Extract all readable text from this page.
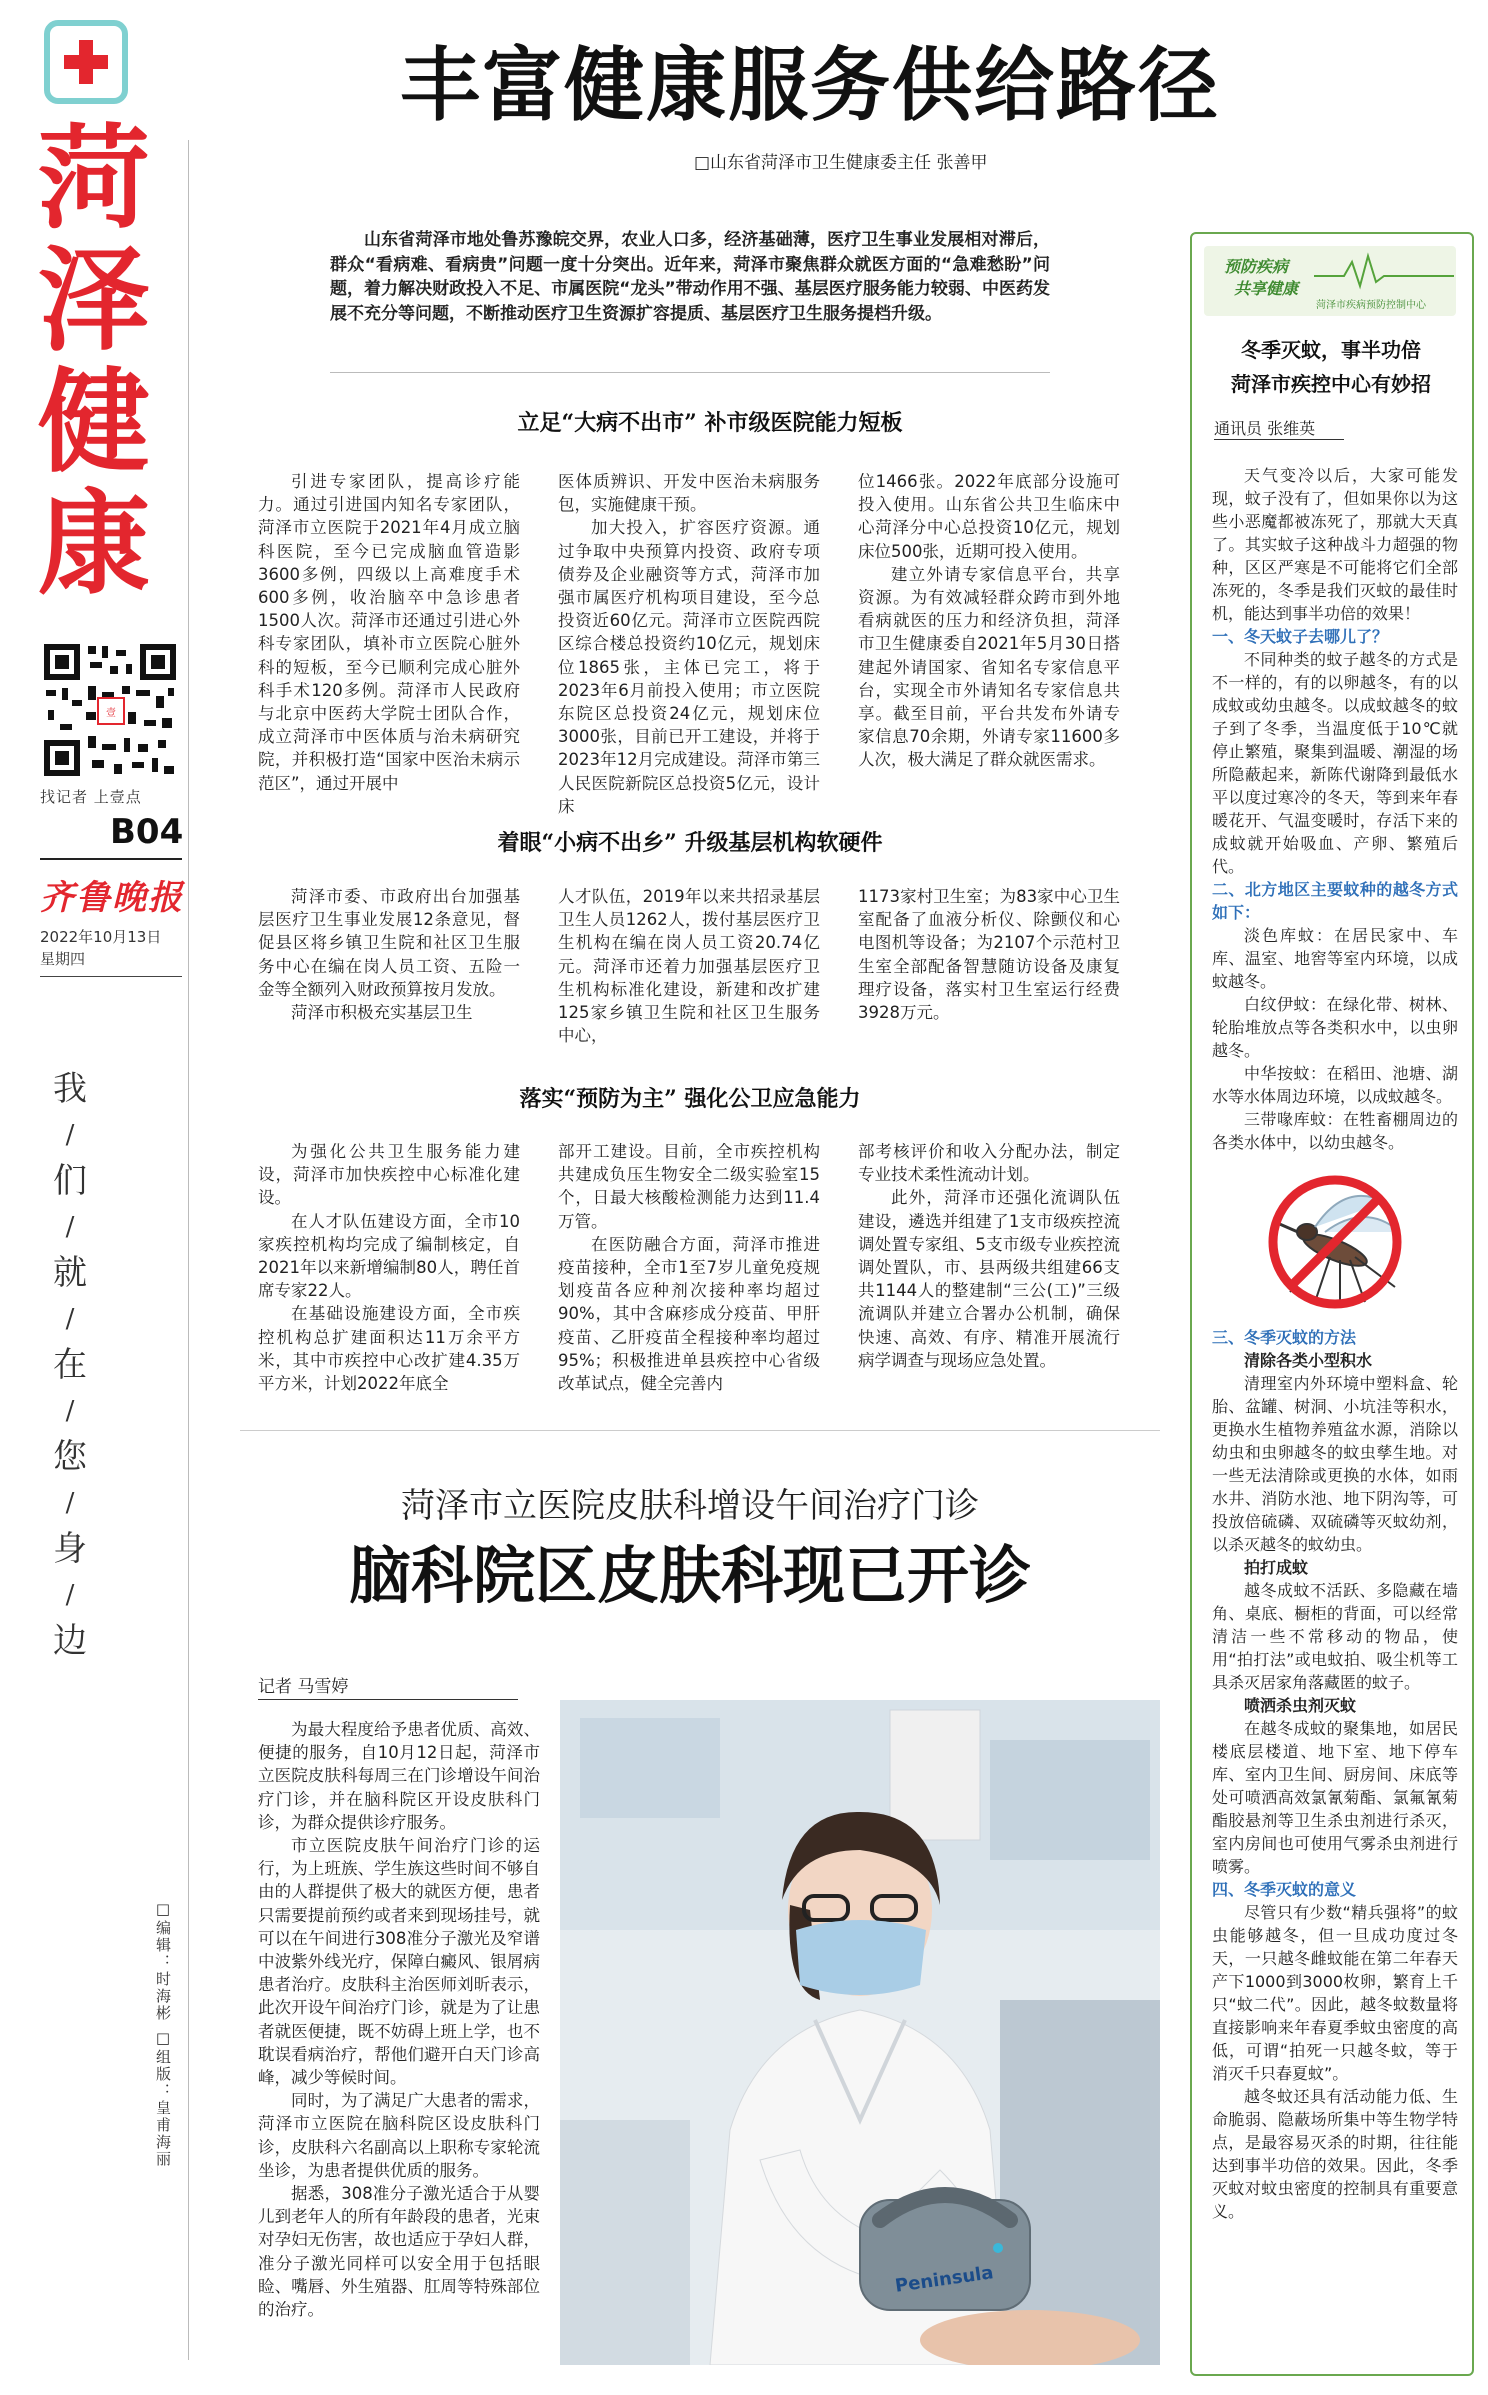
菏
泽
健
康
壹
找记者 上壹点
B04
齐鲁晚报
2022年10月13日
星期四
我
/
们
/
就
/
在
/
您
/
身
/
边
□编辑：时海彬 □组版：皇甫海丽
丰富健康服务供给路径
□山东省菏泽市卫生健康委主任 张善甲

山东省菏泽市地处鲁苏豫皖交界，农业人口多，经济基础薄，医疗卫生事业发展相对滞后，群众“看病难、看病贵”问题一度十分突出。近年来，菏泽市聚焦群众就医方面的“急难愁盼”问题，着力解决财政投入不足、市属医院“龙头”带动作用不强、基层医疗服务能力较弱、中医药发展不充分等问题，不断推动医疗卫生资源扩容提质、基层医疗卫生服务提档升级。

立足“大病不出市” 补市级医院能力短板

引进专家团队，提高诊疗能力。通过引进国内知名专家团队，菏泽市立医院于2021年4月成立脑科医院，至今已完成脑血管造影3600多例，四级以上高难度手术600多例，收治脑卒中急诊患者1500人次。菏泽市还通过引进心外科专家团队，填补市立医院心脏外科的短板，至今已顺利完成心脏外科手术120多例。菏泽市人民政府与北京中医药大学院士团队合作，成立菏泽市中医体质与治未病研究院，并积极打造“国家中医治未病示范区”，通过开展中

医体质辨识、开发中医治未病服务包，实施健康干预。

加大投入，扩容医疗资源。通过争取中央预算内投资、政府专项债券及企业融资等方式，菏泽市加强市属医疗机构项目建设，至今总投资近60亿元。菏泽市立医院西院区综合楼总投资约10亿元，规划床位1865张，主体已完工，将于2023年6月前投入使用；市立医院东院区总投资24亿元，规划床位3000张，目前已开工建设，并将于2023年12月完成建设。菏泽市第三人民医院新院区总投资5亿元，设计床

位1466张。2022年底部分设施可投入使用。山东省公共卫生临床中心菏泽分中心总投资10亿元，规划床位500张，近期可投入使用。

建立外请专家信息平台，共享资源。为有效减轻群众跨市到外地看病就医的压力和经济负担，菏泽市卫生健康委自2021年5月30日搭建起外请国家、省知名专家信息平台，实现全市外请知名专家信息共享。截至目前，平台共发布外请专家信息70余期，外请专家11600多人次，极大满足了群众就医需求。

着眼“小病不出乡” 升级基层机构软硬件

菏泽市委、市政府出台加强基层医疗卫生事业发展12条意见，督促县区将乡镇卫生院和社区卫生服务中心在编在岗人员工资、五险一金等全额列入财政预算按月发放。

菏泽市积极充实基层卫生

人才队伍，2019年以来共招录基层卫生人员1262人，拨付基层医疗卫生机构在编在岗人员工资20.74亿元。菏泽市还着力加强基层医疗卫生机构标准化建设，新建和改扩建125家乡镇卫生院和社区卫生服务中心，

1173家村卫生室；为83家中心卫生室配备了血液分析仪、除颤仪和心电图机等设备；为2107个示范村卫生室全部配备智慧随访设备及康复理疗设备，落实村卫生室运行经费3928万元。

落实“预防为主” 强化公卫应急能力

为强化公共卫生服务能力建设，菏泽市加快疾控中心标准化建设。

在人才队伍建设方面，全市10家疾控机构均完成了编制核定，自2021年以来新增编制80人，聘任首席专家22人。

在基础设施建设方面，全市疾控机构总扩建面积达11万余平方米，其中市疾控中心改扩建4.35万平方米，计划2022年底全

部开工建设。目前，全市疾控机构共建成负压生物安全二级实验室15个，日最大核酸检测能力达到11.4万管。

在医防融合方面，菏泽市推进疫苗接种，全市1至7岁儿童免疫规划疫苗各应种剂次接种率均超过90%，其中含麻疹成分疫苗、甲肝疫苗、乙肝疫苗全程接种率均超过95%；积极推进单县疾控中心省级改革试点，健全完善内

部考核评价和收入分配办法，制定专业技术柔性流动计划。

此外，菏泽市还强化流调队伍建设，遴选并组建了1支市级疾控流调处置专家组、5支市级专业疾控流调处置队，市、县两级共组建66支共1144人的整建制“三公(工)”三级流调队并建立合署办公机制，确保快速、高效、有序、精准开展流行病学调查与现场应急处置。

菏泽市立医院皮肤科增设午间治疗门诊
脑科院区皮肤科现已开诊
记者 马雪婷

为最大程度给予患者优质、高效、便捷的服务，自10月12日起，菏泽市立医院皮肤科每周三在门诊增设午间治疗门诊，并在脑科院区开设皮肤科门诊，为群众提供诊疗服务。

市立医院皮肤午间治疗门诊的运行，为上班族、学生族这些时间不够自由的人群提供了极大的就医方便，患者只需要提前预约或者来到现场挂号，就可以在午间进行308准分子激光及窄谱中波紫外线光疗，保障白癜风、银屑病患者治疗。皮肤科主治医师刘昕表示，此次开设午间治疗门诊，就是为了让患者就医便捷，既不妨碍上班上学，也不耽误看病治疗，帮他们避开白天门诊高峰，减少等候时间。

同时，为了满足广大患者的需求，菏泽市立医院在脑科院区设皮肤科门诊，皮肤科六名副高以上职称专家轮流坐诊，为患者提供优质的服务。

据悉，308准分子激光适合于从婴儿到老年人的所有年龄段的患者，光束对孕妇无伤害，故也适应于孕妇人群，准分子激光同样可以安全用于包括眼睑、嘴唇、外生殖器、肛周等特殊部位的治疗。

Peninsula
预防疾病
共享健康
菏泽市疾病预防控制中心
冬季灭蚊，事半功倍
菏泽市疾控中心有妙招
通讯员 张维英

天气变冷以后，大家可能发现，蚊子没有了，但如果你以为这些小恶魔都被冻死了，那就大天真了。其实蚊子这种战斗力超强的物种，区区严寒是不可能将它们全部冻死的，冬季是我们灭蚊的最佳时机，能达到事半功倍的效果！

一、冬天蚊子去哪儿了？

不同种类的蚊子越冬的方式是不一样的，有的以卵越冬，有的以成蚊或幼虫越冬。以成蚊越冬的蚊子到了冬季，当温度低于10℃就停止繁殖，聚集到温暖、潮湿的场所隐蔽起来，新陈代谢降到最低水平以度过寒冷的冬天，等到来年春暖花开、气温变暖时，存活下来的成蚊就开始吸血、产卵、繁殖后代。

二、北方地区主要蚊种的越冬方式如下：

淡色库蚊：在居民家中、车库、温室、地窖等室内环境，以成蚊越冬。

白纹伊蚊：在绿化带、树林、轮胎堆放点等各类积水中，以虫卵越冬。

中华按蚊：在稻田、池塘、湖水等水体周边环境，以成蚊越冬。

三带喙库蚊：在牲畜棚周边的各类水体中，以幼虫越冬。

三、冬季灭蚊的方法

清除各类小型积水

清理室内外环境中塑料盒、轮胎、盆罐、树洞、小坑洼等积水，更换水生植物养殖盆水源，消除以幼虫和虫卵越冬的蚊虫孳生地。对一些无法清除或更换的水体，如雨水井、消防水池、地下阴沟等，可投放倍硫磷、双硫磷等灭蚊幼剂，以杀灭越冬的蚊幼虫。

拍打成蚊

越冬成蚊不活跃、多隐藏在墙角、桌底、橱柜的背面，可以经常清洁一些不常移动的物品，使用“拍打法”或电蚊拍、吸尘机等工具杀灭居家角落藏匿的蚊子。

喷洒杀虫剂灭蚊

在越冬成蚊的聚集地，如居民楼底层楼道、地下室、地下停车库、室内卫生间、厨房间、床底等处可喷洒高效氯氰菊酯、氯氟氰菊酯胶悬剂等卫生杀虫剂进行杀灭，室内房间也可使用气雾杀虫剂进行喷雾。

四、冬季灭蚊的意义

尽管只有少数“精兵强将”的蚊虫能够越冬，但一旦成功度过冬天，一只越冬雌蚊能在第二年春天产下1000到3000枚卵，繁育上千只“蚊二代”。因此，越冬蚊数量将直接影响来年春夏季蚊虫密度的高低，可谓“拍死一只越冬蚊，等于消灭千只春夏蚊”。

越冬蚊还具有活动能力低、生命脆弱、隐蔽场所集中等生物学特点，是最容易灭杀的时期，往往能达到事半功倍的效果。因此，冬季灭蚊对蚊虫密度的控制具有重要意义。
